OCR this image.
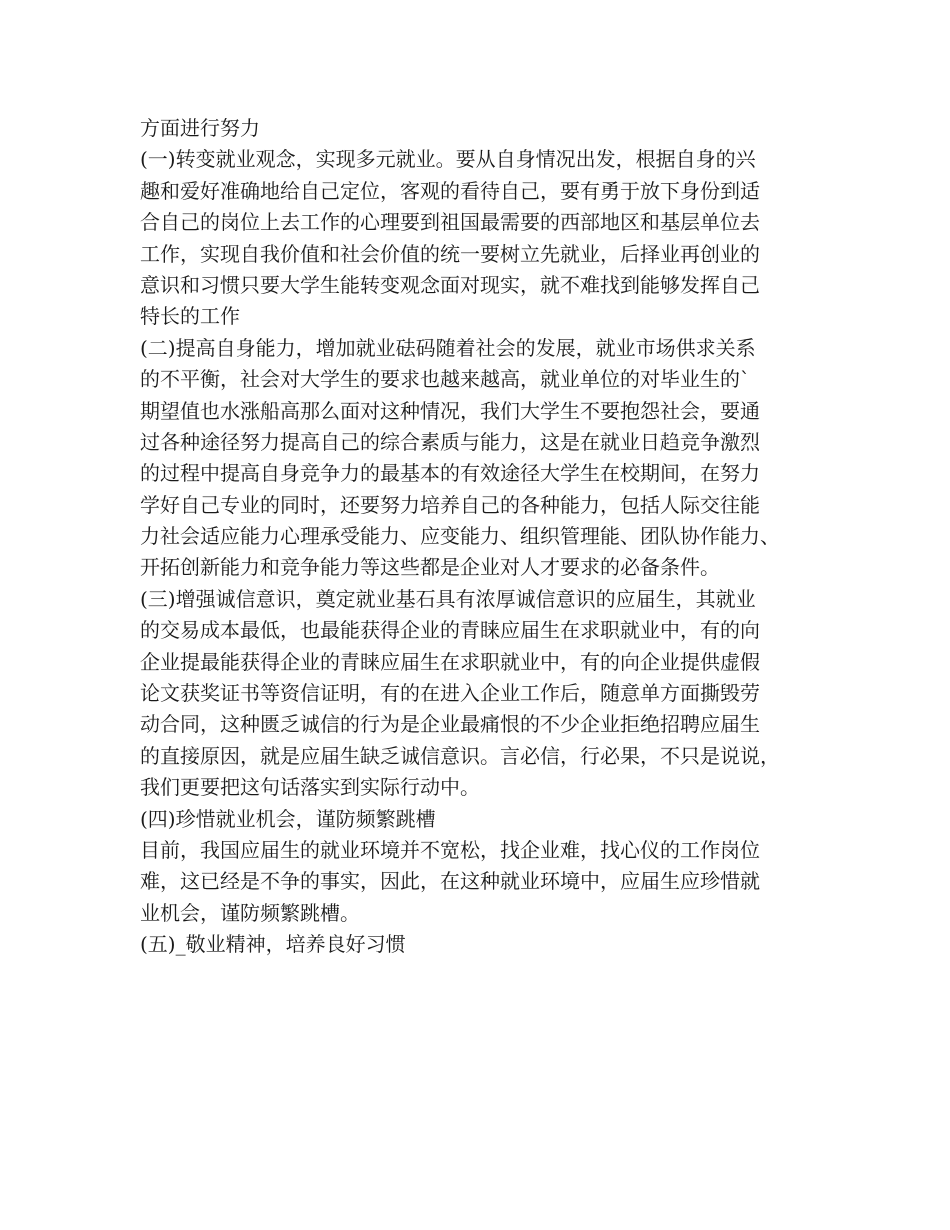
方面进行努力
(一)转变就业观念，实现多元就业。要从自身情况出发，根据自身的兴
趣和爱好准确地给自己定位，客观的看待自己，要有勇于放下身份到适
合自己的岗位上去工作的心理要到祖国最需要的西部地区和基层单位去
工作，实现自我价值和社会价值的统一要树立先就业，后择业再创业的
意识和习惯只要大学生能转变观念面对现实，就不难找到能够发挥自己
特长的工作
(二)提高自身能力，增加就业砝码随着社会的发展，就业市场供求关系
的不平衡，社会对大学生的要求也越来越高，就业单位的对毕业生的`
期望值也水涨船高那么面对这种情况，我们大学生不要抱怨社会，要通
过各种途径努力提高自己的综合素质与能力，这是在就业日趋竞争激烈
的过程中提高自身竞争力的最基本的有效途径大学生在校期间，在努力
学好自己专业的同时，还要努力培养自己的各种能力，包括人际交往能
力社会适应能力心理承受能力、应变能力、组织管理能、团队协作能力、
开拓创新能力和竞争能力等这些都是企业对人才要求的必备条件。
(三)增强诚信意识，奠定就业基石具有浓厚诚信意识的应届生，其就业
的交易成本最低，也最能获得企业的青睐应届生在求职就业中，有的向
企业提最能获得企业的青睐应届生在求职就业中，有的向企业提供虚假
论文获奖证书等资信证明，有的在进入企业工作后，随意单方面撕毁劳
动合同，这种匮乏诚信的行为是企业最痛恨的不少企业拒绝招聘应届生
的直接原因，就是应届生缺乏诚信意识。言必信，行必果，不只是说说，
我们更要把这句话落实到实际行动中。
(四)珍惜就业机会，谨防频繁跳槽
目前，我国应届生的就业环境并不宽松，找企业难，找心仪的工作岗位
难，这已经是不争的事实，因此，在这种就业环境中，应届生应珍惜就
业机会，谨防频繁跳槽。
(五)_敬业精神，培养良好习惯
